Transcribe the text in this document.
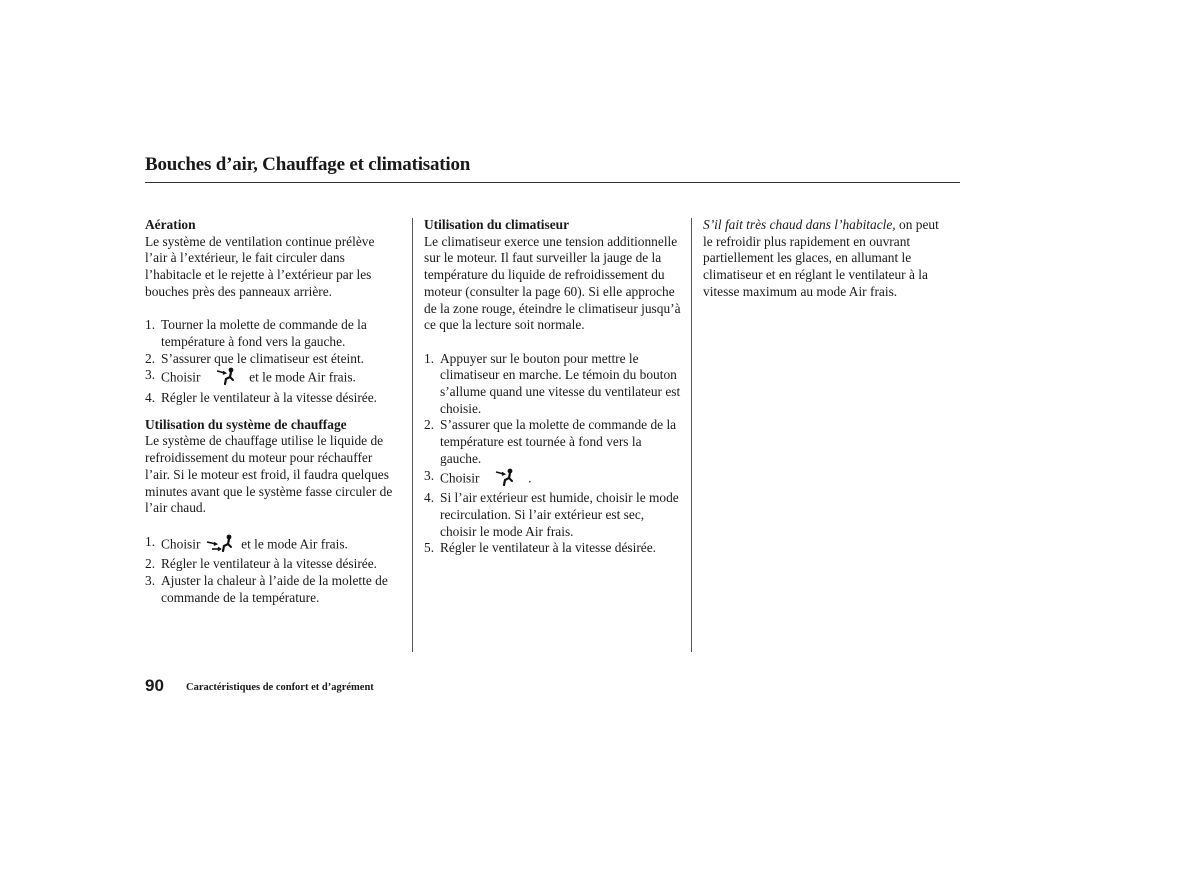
Bouches d’air, Chauffage et climatisation
Aération
Le système de ventilation continue prélève l’air à l’extérieur, le fait circuler dans l’habitacle et le rejette à l’extérieur par les bouches près des panneaux arrière.
1. Tourner la molette de commande de la température à fond vers la gauche.
2. S’assurer que le climatiseur est éteint.
3. Choisir	et le mode Air frais.
4. Régler le ventilateur à la vitesse désirée.
Utilisation du système de chauffage
Le système de chauffage utilise le liquide de refroidissement du moteur pour réchauffer l’air. Si le moteur est froid, il faudra quelques minutes avant que le système fasse circuler de l’air chaud.
1. Choisir	et le mode Air frais.
2. Régler le ventilateur à la vitesse désirée.
3. Ajuster la chaleur à l’aide de la molette de commande de la température.
Utilisation du climatiseur
Le climatiseur exerce une tension additionnelle sur le moteur. Il faut surveiller la jauge de la température du liquide de refroidissement du moteur (consulter la page 60). Si elle approche de la zone rouge, éteindre le climatiseur jusqu’à ce que la lecture soit normale.
1. Appuyer sur le bouton pour mettre le climatiseur en marche. Le témoin du bouton s’allume quand une vitesse du ventilateur est choisie.
2. S’assurer que la molette de commande de la température est tournée à fond vers la gauche.
3. Choisir	.
4. Si l’air extérieur est humide, choisir le mode recirculation. Si l’air extérieur est sec, choisir le mode Air frais.
5. Régler le ventilateur à la vitesse désirée.
S’il fait très chaud dans l’habitacle, on peut le refroidir plus rapidement en ouvrant partiellement les glaces, en allumant le climatiseur et en réglant le ventilateur à la vitesse maximum au mode Air frais.
90 Caractéristiques de confort et d’agrément
